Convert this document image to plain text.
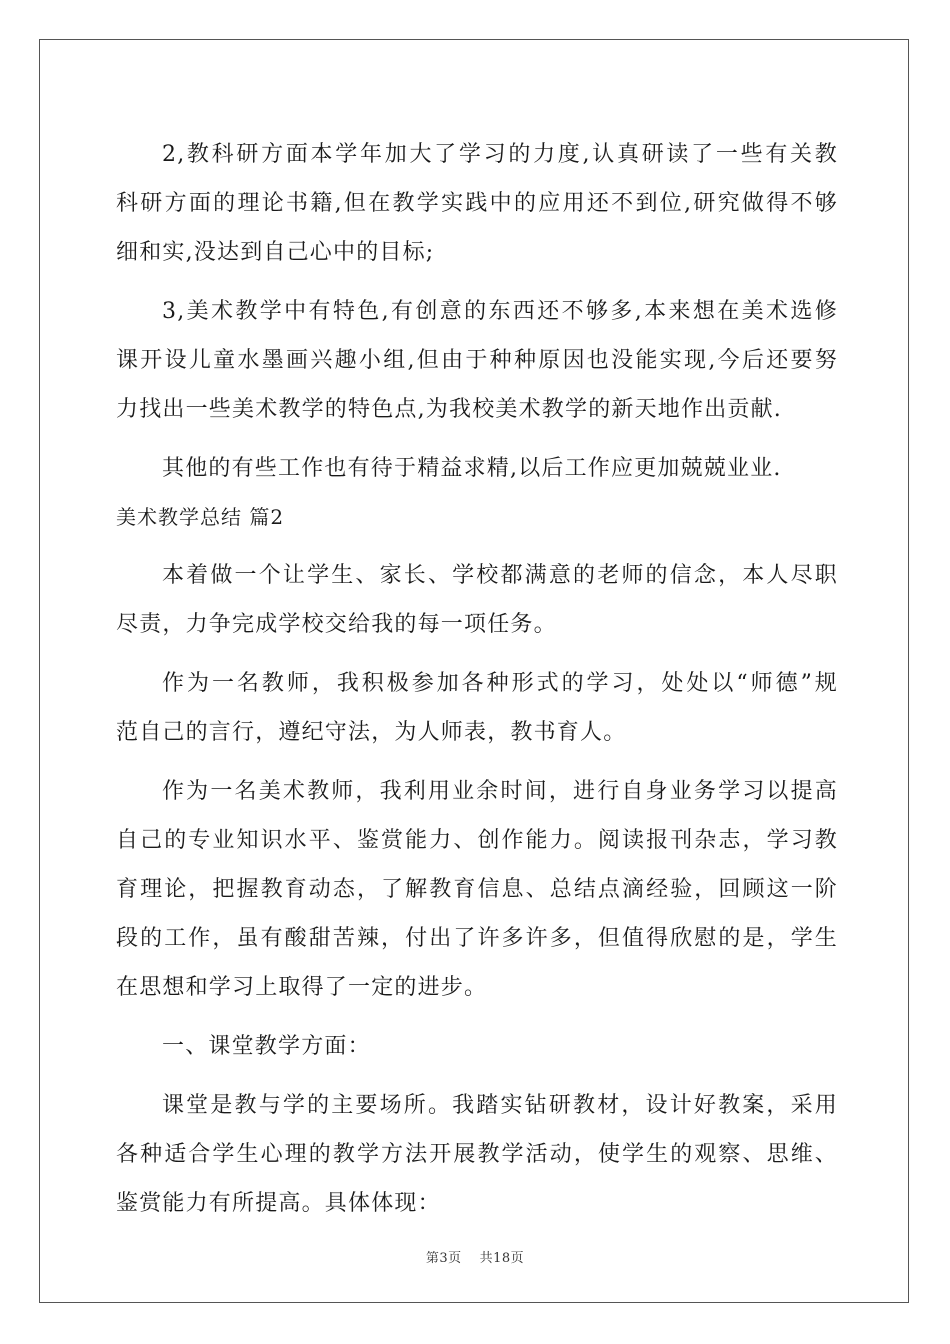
2,教科研方面本学年加大了学习的力度,认真研读了一些有关教
科研方面的理论书籍,但在教学实践中的应用还不到位,研究做得不够
细和实,没达到自己心中的目标;
3,美术教学中有特色,有创意的东西还不够多,本来想在美术选修
课开设儿童水墨画兴趣小组,但由于种种原因也没能实现,今后还要努
力找出一些美术教学的特色点,为我校美术教学的新天地作出贡献.
其他的有些工作也有待于精益求精,以后工作应更加兢兢业业.
美术教学总结 篇2
本着做一个让学生、家长、学校都满意的老师的信念，本人尽职
尽责，力争完成学校交给我的每一项任务。
作为一名教师，我积极参加各种形式的学习，处处以“师德”规
范自己的言行，遵纪守法，为人师表，教书育人。
作为一名美术教师，我利用业余时间，进行自身业务学习以提高
自己的专业知识水平、鉴赏能力、创作能力。阅读报刊杂志，学习教
育理论，把握教育动态，了解教育信息、总结点滴经验，回顾这一阶
段的工作，虽有酸甜苦辣，付出了许多许多，但值得欣慰的是，学生
在思想和学习上取得了一定的进步。
一、课堂教学方面：
课堂是教与学的主要场所。我踏实钻研教材，设计好教案，采用
各种适合学生心理的教学方法开展教学活动，使学生的观察、思维、
鉴赏能力有所提高。具体体现：
第3页 共18页
